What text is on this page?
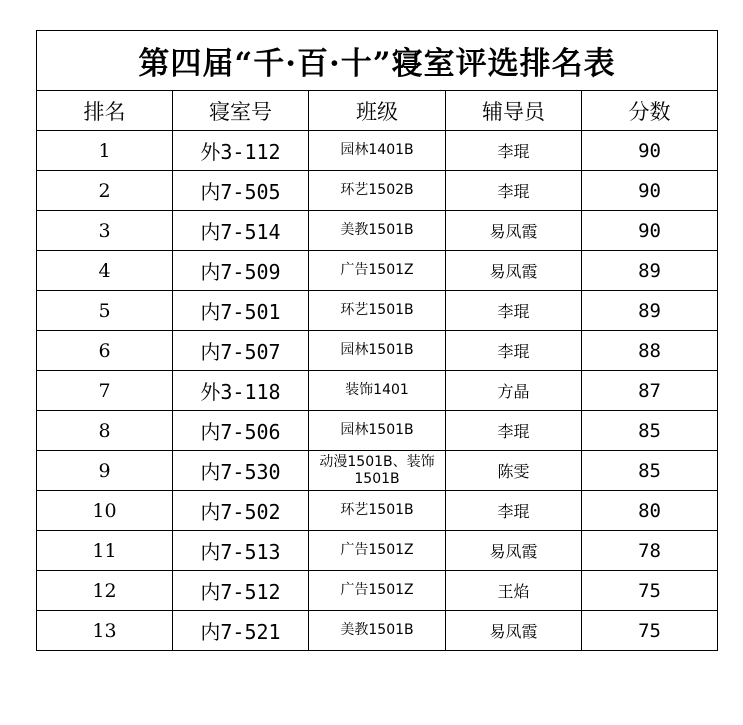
第四届“千·百·十”寝室评选排名表				
排名	寝室号	班级	辅导员	分数
1	外3-112	园林1401B	李琨	90
2	内7-505	环艺1502B	李琨	90
3	内7-514	美教1501B	易凤霞	90
4	内7-509	广告1501Z	易凤霞	89
5	内7-501	环艺1501B	李琨	89
6	内7-507	园林1501B	李琨	88
7	外3-118	装饰1401	方晶	87
8	内7-506	园林1501B	李琨	85
9	内7-530	动漫1501B、装饰1501B	陈雯	85
10	内7-502	环艺1501B	李琨	80
11	内7-513	广告1501Z	易凤霞	78
12	内7-512	广告1501Z	王焰	75
13	内7-521	美教1501B	易凤霞	75
